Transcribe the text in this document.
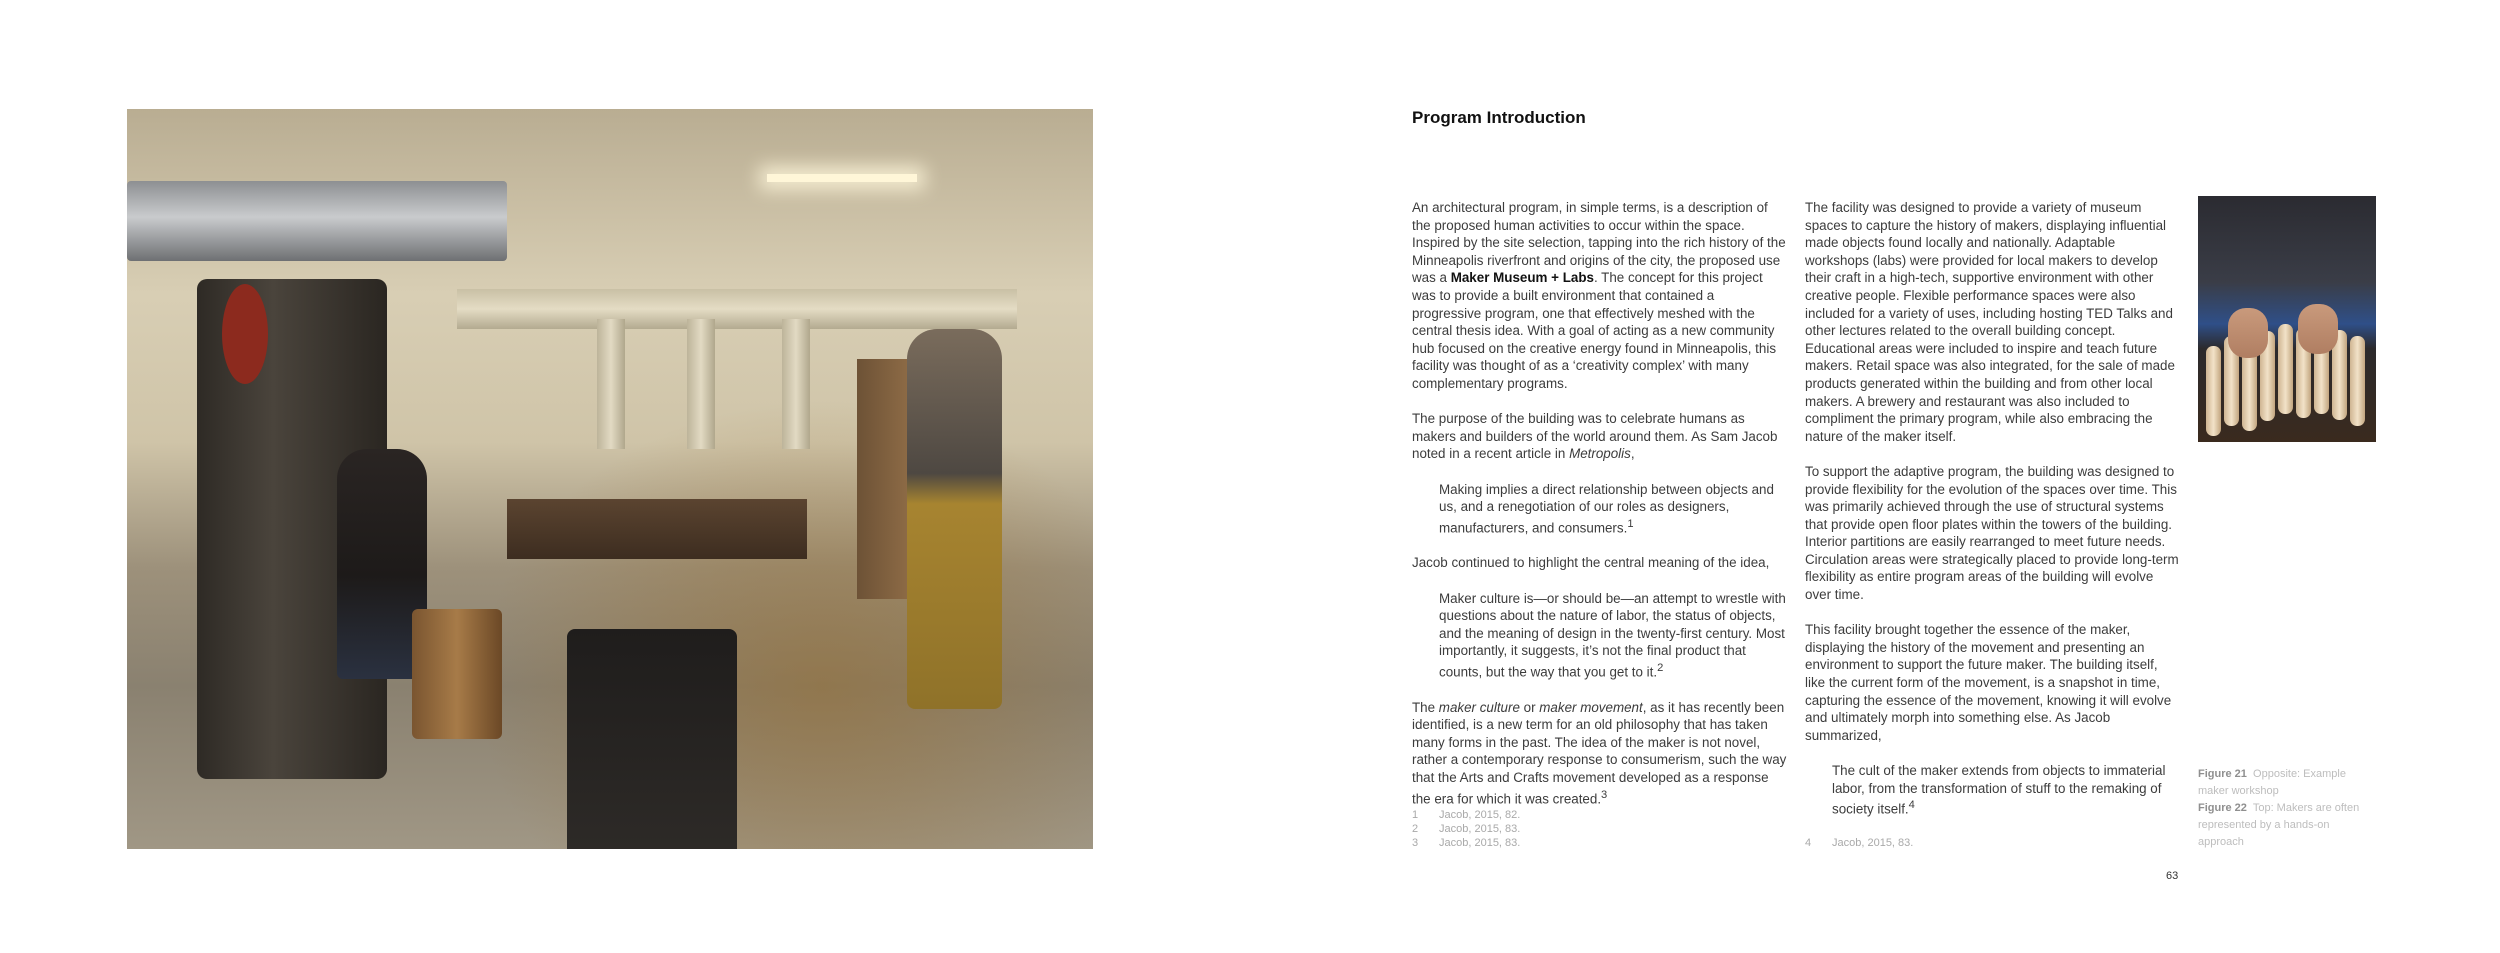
Program Introduction

An architectural program, in simple terms, is a description of the proposed human activities to occur within the space. Inspired by the site selection, tapping into the rich history of the Minneapolis riverfront and origins of the city, the proposed use was a Maker Museum + Labs. The concept for this project was to provide a built environment that contained a progressive program, one that effectively meshed with the central thesis idea. With a goal of acting as a new community hub focused on the creative energy found in Minneapolis, this facility was thought of as a ‘creativity complex’ with many complementary programs.

The purpose of the building was to celebrate humans as makers and builders of the world around them. As Sam Jacob noted in a recent article in Metropolis,

Making implies a direct relationship between objects and us, and a renegotiation of our roles as designers, manufacturers, and consumers.$^1$

Jacob continued to highlight the central meaning of the idea,

Maker culture is—or should be—an attempt to wrestle with questions about the nature of labor, the status of objects, and the meaning of design in the twenty-first century. Most importantly, it suggests, it’s not the final product that counts, but the way that you get to it.$^2$

The maker culture or maker movement, as it has recently been identified, is a new term for an old philosophy that has taken many forms in the past. The idea of the maker is not novel, rather a contemporary response to consumerism, such the way that the Arts and Crafts movement developed as a response the era for which it was created.$^3$

1	Jacob, 2015, 82.
2	Jacob, 2015, 83.
3	Jacob, 2015, 83.

The facility was designed to provide a variety of museum spaces to capture the history of makers, displaying influential made objects found locally and nationally. Adaptable workshops (labs) were provided for local makers to develop their craft in a high-tech, supportive environment with other creative people. Flexible performance spaces were also included for a variety of uses, including hosting TED Talks and other lectures related to the overall building concept. Educational areas were included to inspire and teach future makers. Retail space was also integrated, for the sale of made products generated within the building and from other local makers. A brewery and restaurant was also included to compliment the primary program, while also embracing the nature of the maker itself.

To support the adaptive program, the building was designed to provide flexibility for the evolution of the spaces over time. This was primarily achieved through the use of structural systems that provide open floor plates within the towers of the building. Interior partitions are easily rearranged to meet future needs. Circulation areas were strategically placed to provide long-term flexibility as entire program areas of the building will evolve over time.

This facility brought together the essence of the maker, displaying the history of the movement and presenting an environment to support the future maker. The building itself, like the current form of the movement, is a snapshot in time, capturing the essence of the movement, knowing it will evolve and ultimately morph into something else. As Jacob summarized,

The cult of the maker extends from objects to immaterial labor, from the transformation of stuff to the remaking of society itself.$^4$

4	Jacob, 2015, 83.
Figure 21 Opposite: Example maker workshop
Figure 22 Top: Makers are often represented by a hands-on approach
63
